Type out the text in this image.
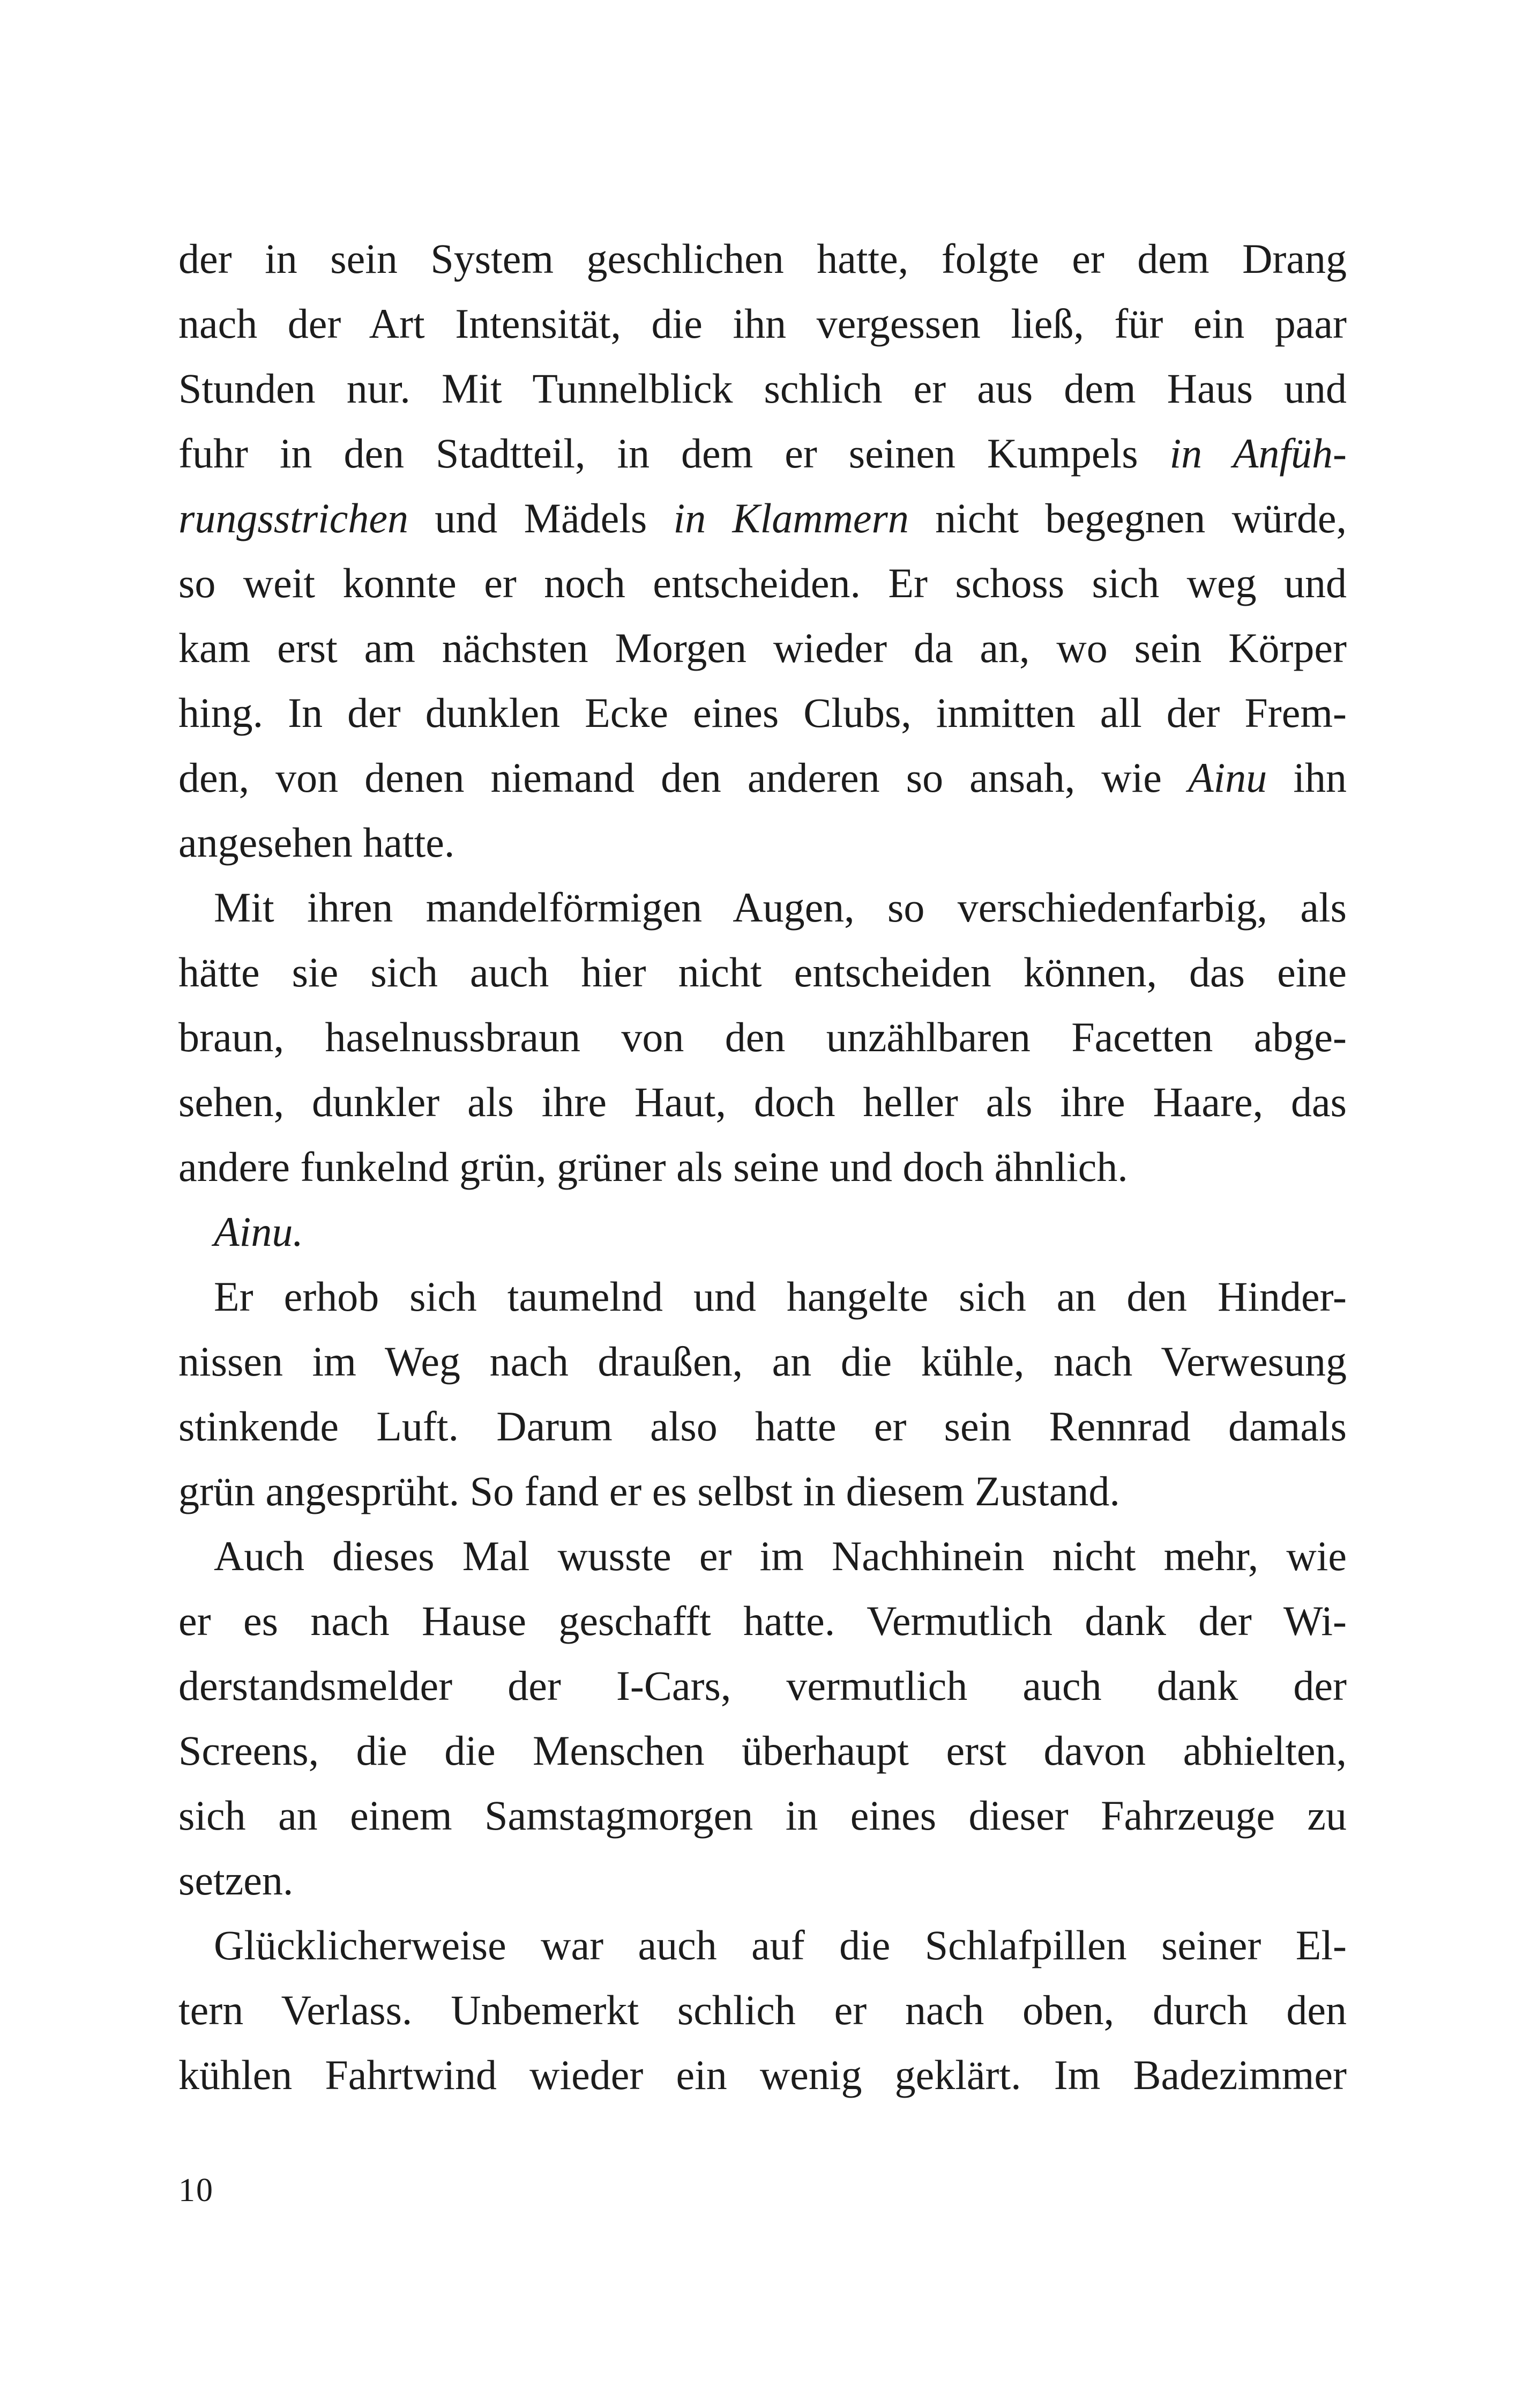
der in sein System geschlichen hatte, folgte er dem Drang
nach der Art Intensität, die ihn vergessen ließ, für ein paar
Stunden nur. Mit Tunnelblick schlich er aus dem Haus und
fuhr in den Stadtteil, in dem er seinen Kumpels in Anfüh-
rungsstrichen und Mädels in Klammern nicht begegnen würde,
so weit konnte er noch entscheiden. Er schoss sich weg und
kam erst am nächsten Morgen wieder da an, wo sein Körper
hing. In der dunklen Ecke eines Clubs, inmitten all der Frem-
den, von denen niemand den anderen so ansah, wie Ainu ihn
angesehen hatte.
Mit ihren mandelförmigen Augen, so verschiedenfarbig, als
hätte sie sich auch hier nicht entscheiden können, das eine
braun, haselnussbraun von den unzählbaren Facetten abge-
sehen, dunkler als ihre Haut, doch heller als ihre Haare, das
andere funkelnd grün, grüner als seine und doch ähnlich.
Ainu.
Er erhob sich taumelnd und hangelte sich an den Hinder-
nissen im Weg nach draußen, an die kühle, nach Verwesung
stinkende Luft. Darum also hatte er sein Rennrad damals
grün angesprüht. So fand er es selbst in diesem Zustand.
Auch dieses Mal wusste er im Nachhinein nicht mehr, wie
er es nach Hause geschafft hatte. Vermutlich dank der Wi-
derstandsmelder der I-Cars, vermutlich auch dank der
Screens, die die Menschen überhaupt erst davon abhielten,
sich an einem Samstagmorgen in eines dieser Fahrzeuge zu
setzen.
Glücklicherweise war auch auf die Schlafpillen seiner El-
tern Verlass. Unbemerkt schlich er nach oben, durch den
kühlen Fahrtwind wieder ein wenig geklärt. Im Badezimmer
10
